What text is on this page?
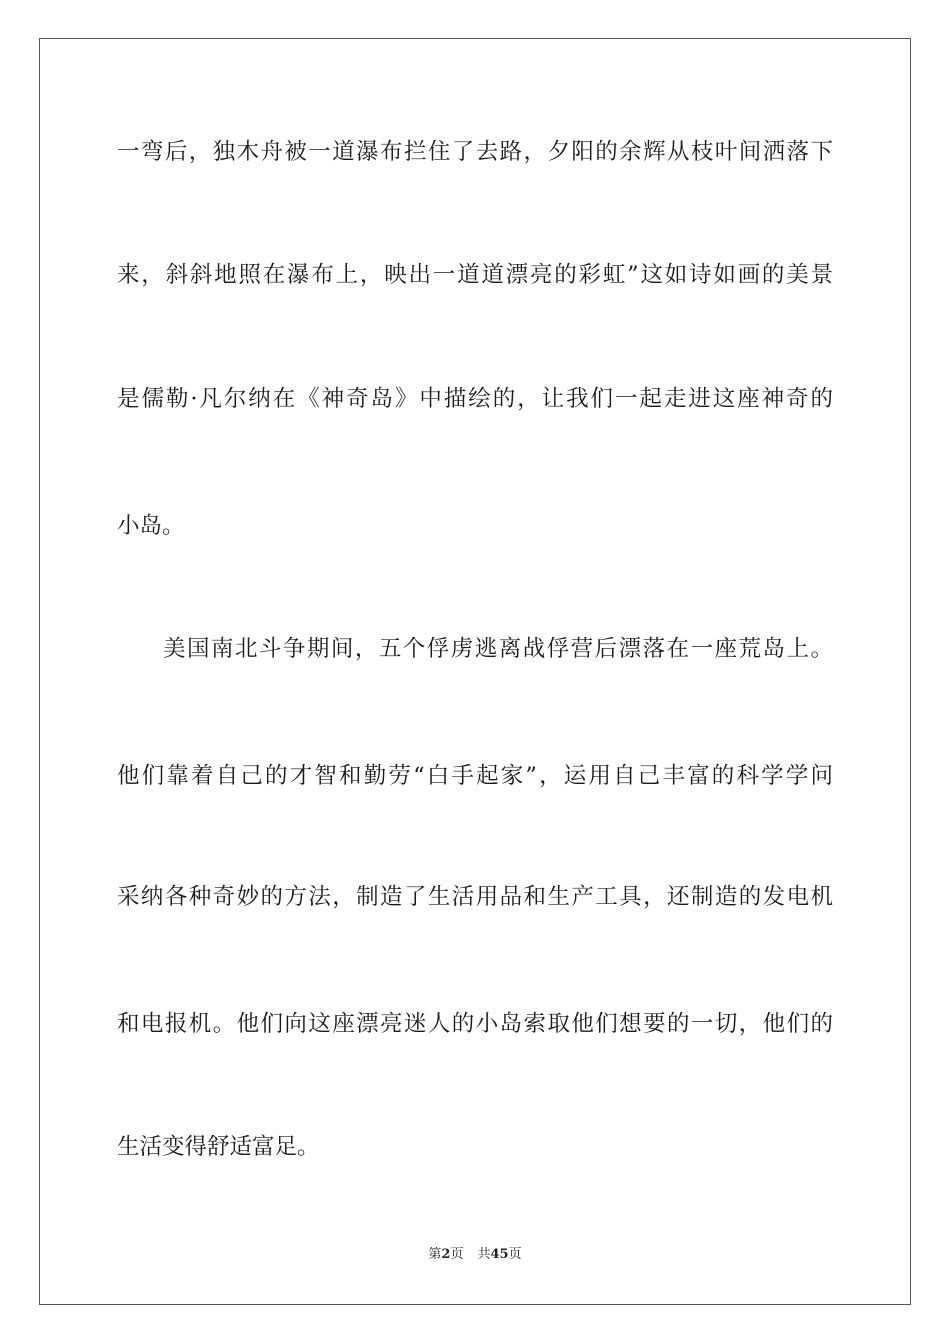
一弯后，独木舟被一道瀑布拦住了去路，夕阳的余辉从枝叶间洒落下
来，斜斜地照在瀑布上，映出一道道漂亮的彩虹”这如诗如画的美景
是儒勒·凡尔纳在《神奇岛》中描绘的，让我们一起走进这座神奇的
小岛。
美国南北斗争期间，五个俘虏逃离战俘营后漂落在一座荒岛上。
他们靠着自己的才智和勤劳“白手起家”，运用自己丰富的科学学问
采纳各种奇妙的方法，制造了生活用品和生产工具，还制造的发电机
和电报机。他们向这座漂亮迷人的小岛索取他们想要的一切，他们的
生活变得舒适富足。
第2页 共45页
